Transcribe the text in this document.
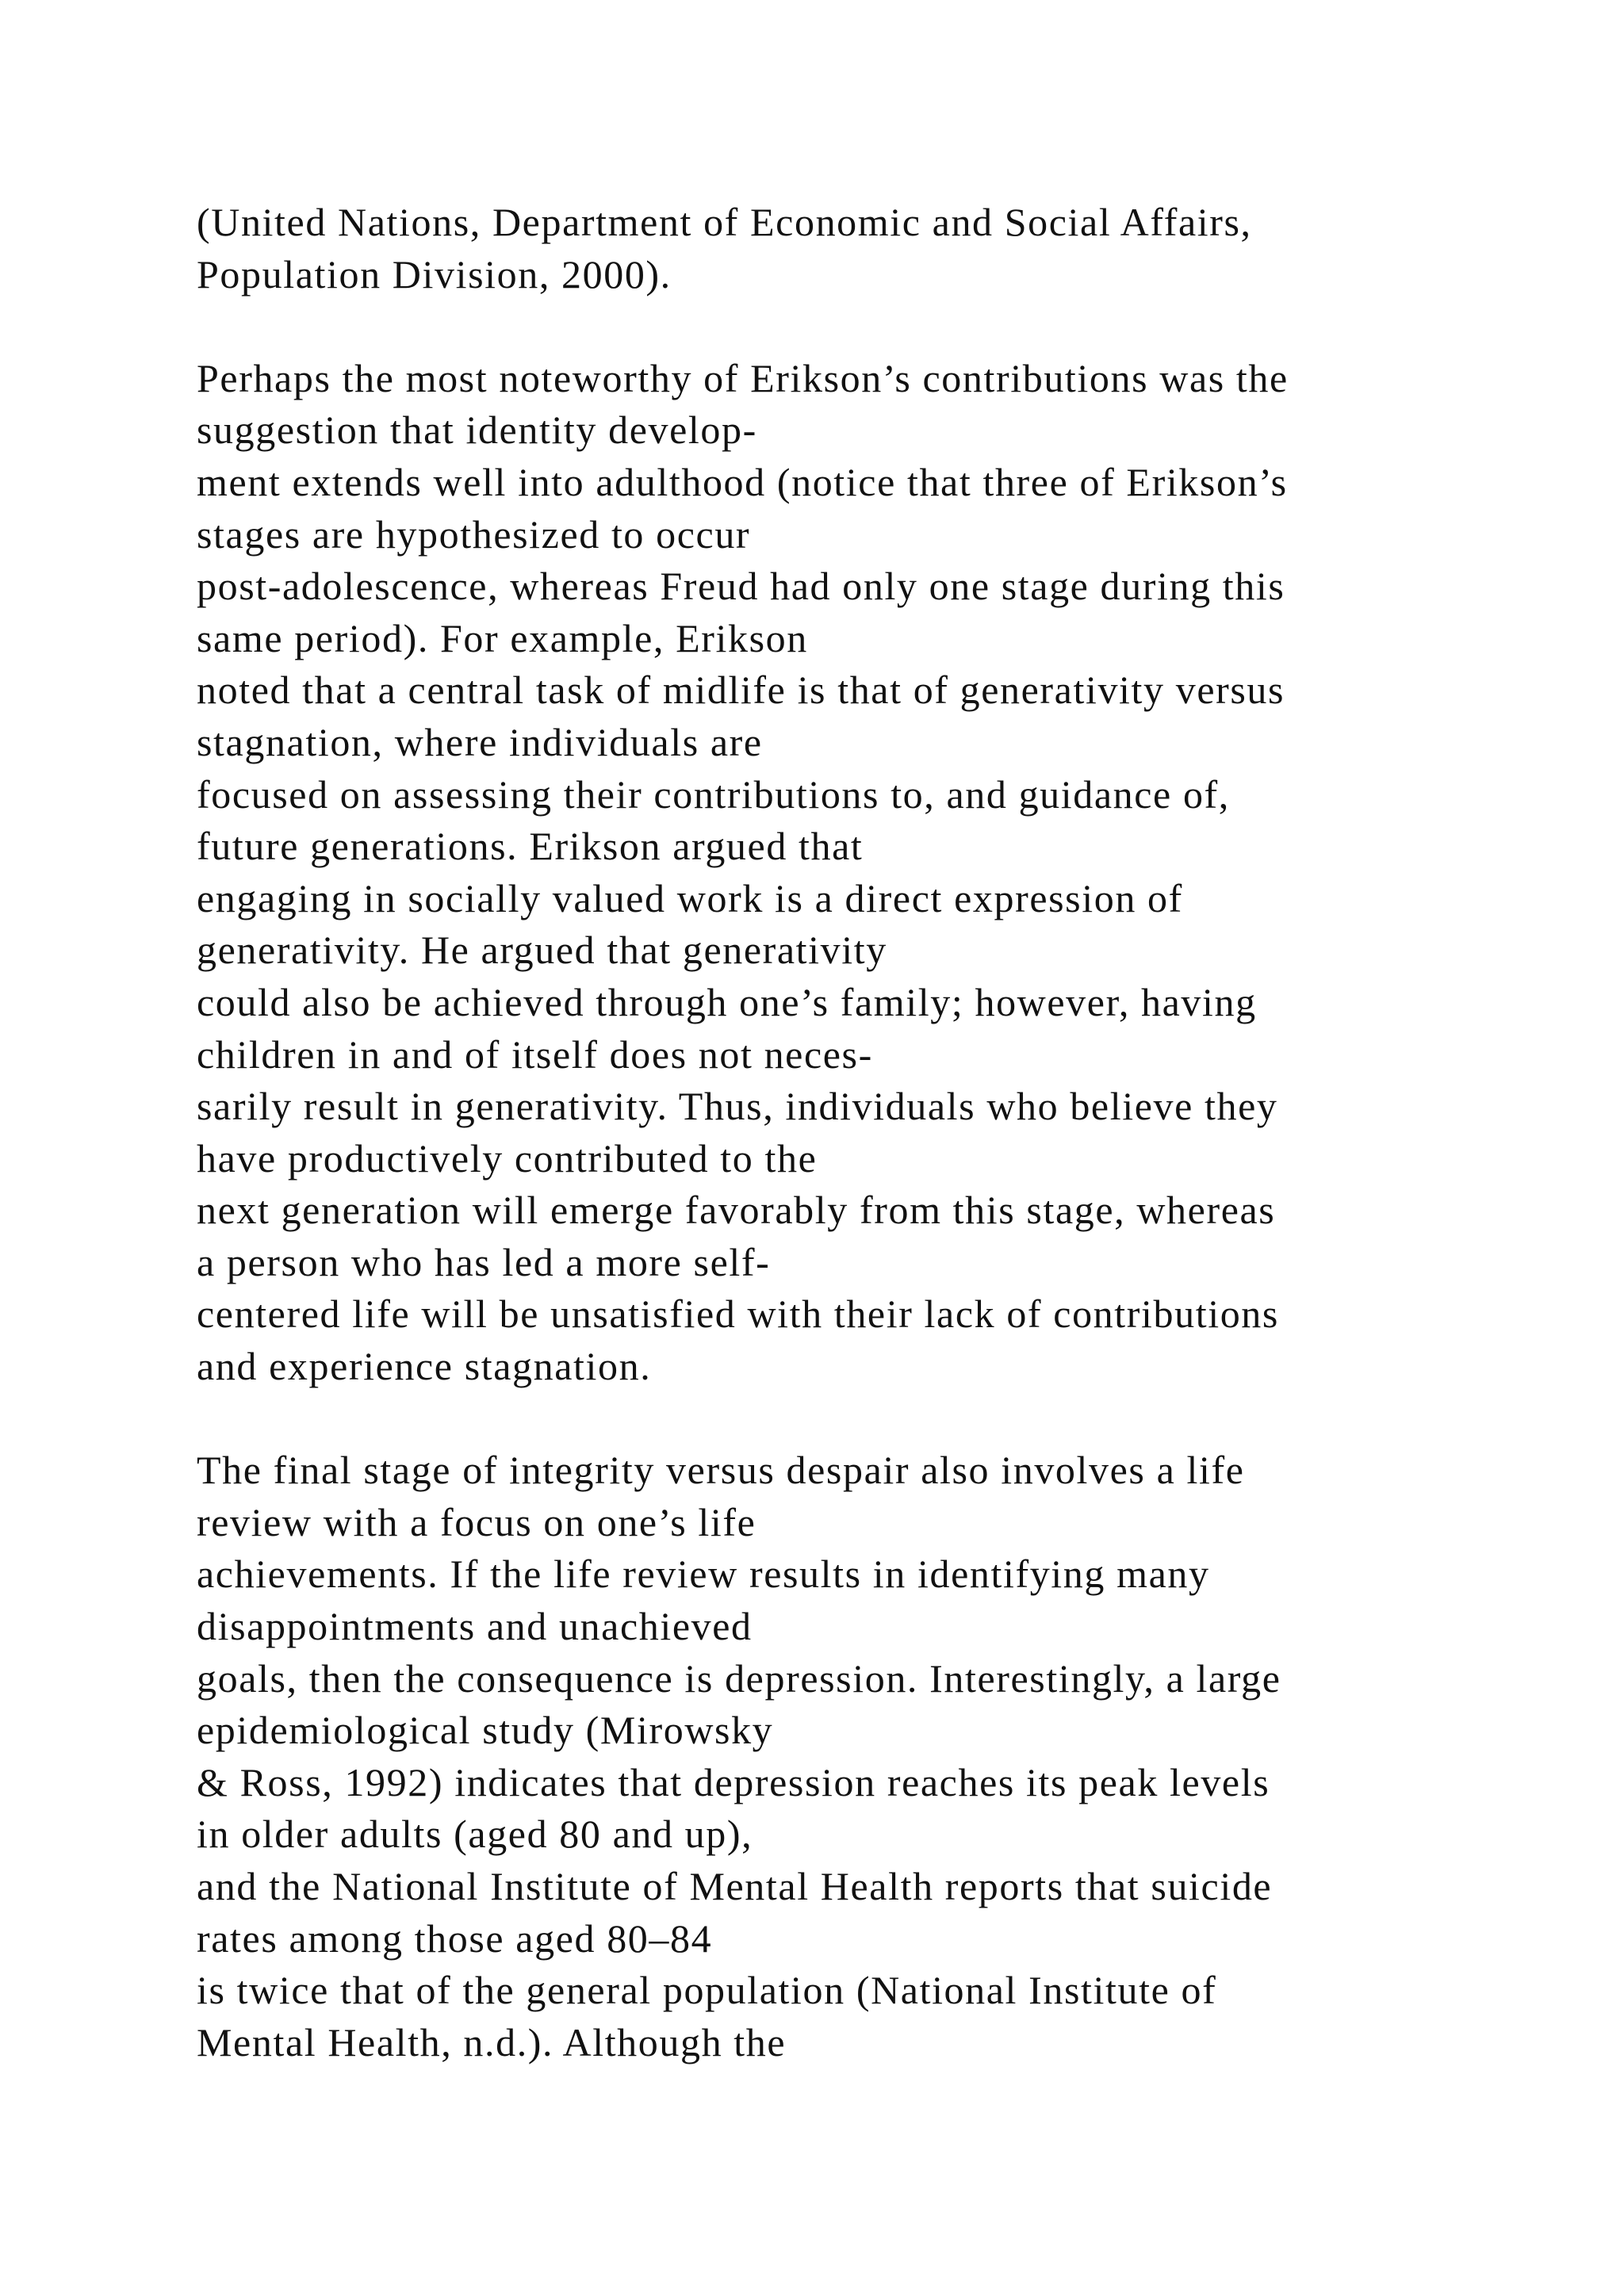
(United Nations, Department of Economic and Social Affairs,
Population Division, 2000).
Perhaps the most noteworthy of Erikson’s contributions was the
suggestion that identity develop-
ment extends well into adulthood (notice that three of Erikson’s
stages are hypothesized to occur
post-adolescence, whereas Freud had only one stage during this
same period). For example, Erikson
noted that a central task of midlife is that of generativity versus
stagnation, where individuals are
focused on assessing their contributions to, and guidance of,
future generations. Erikson argued that
engaging in socially valued work is a direct expression of
generativity. He argued that generativity
could also be achieved through one’s family; however, having
children in and of itself does not neces-
sarily result in generativity. Thus, individuals who believe they
have productively contributed to the
next generation will emerge favorably from this stage, whereas
a person who has led a more self-
centered life will be unsatisfied with their lack of contributions
and experience stagnation.
The final stage of integrity versus despair also involves a life
review with a focus on one’s life
achievements. If the life review results in identifying many
disappointments and unachieved
goals, then the consequence is depression. Interestingly, a large
epidemiological study (Mirowsky
& Ross, 1992) indicates that depression reaches its peak levels
in older adults (aged 80 and up),
and the National Institute of Mental Health reports that suicide
rates among those aged 80–84
is twice that of the general population (National Institute of
Mental Health, n.d.). Although the
